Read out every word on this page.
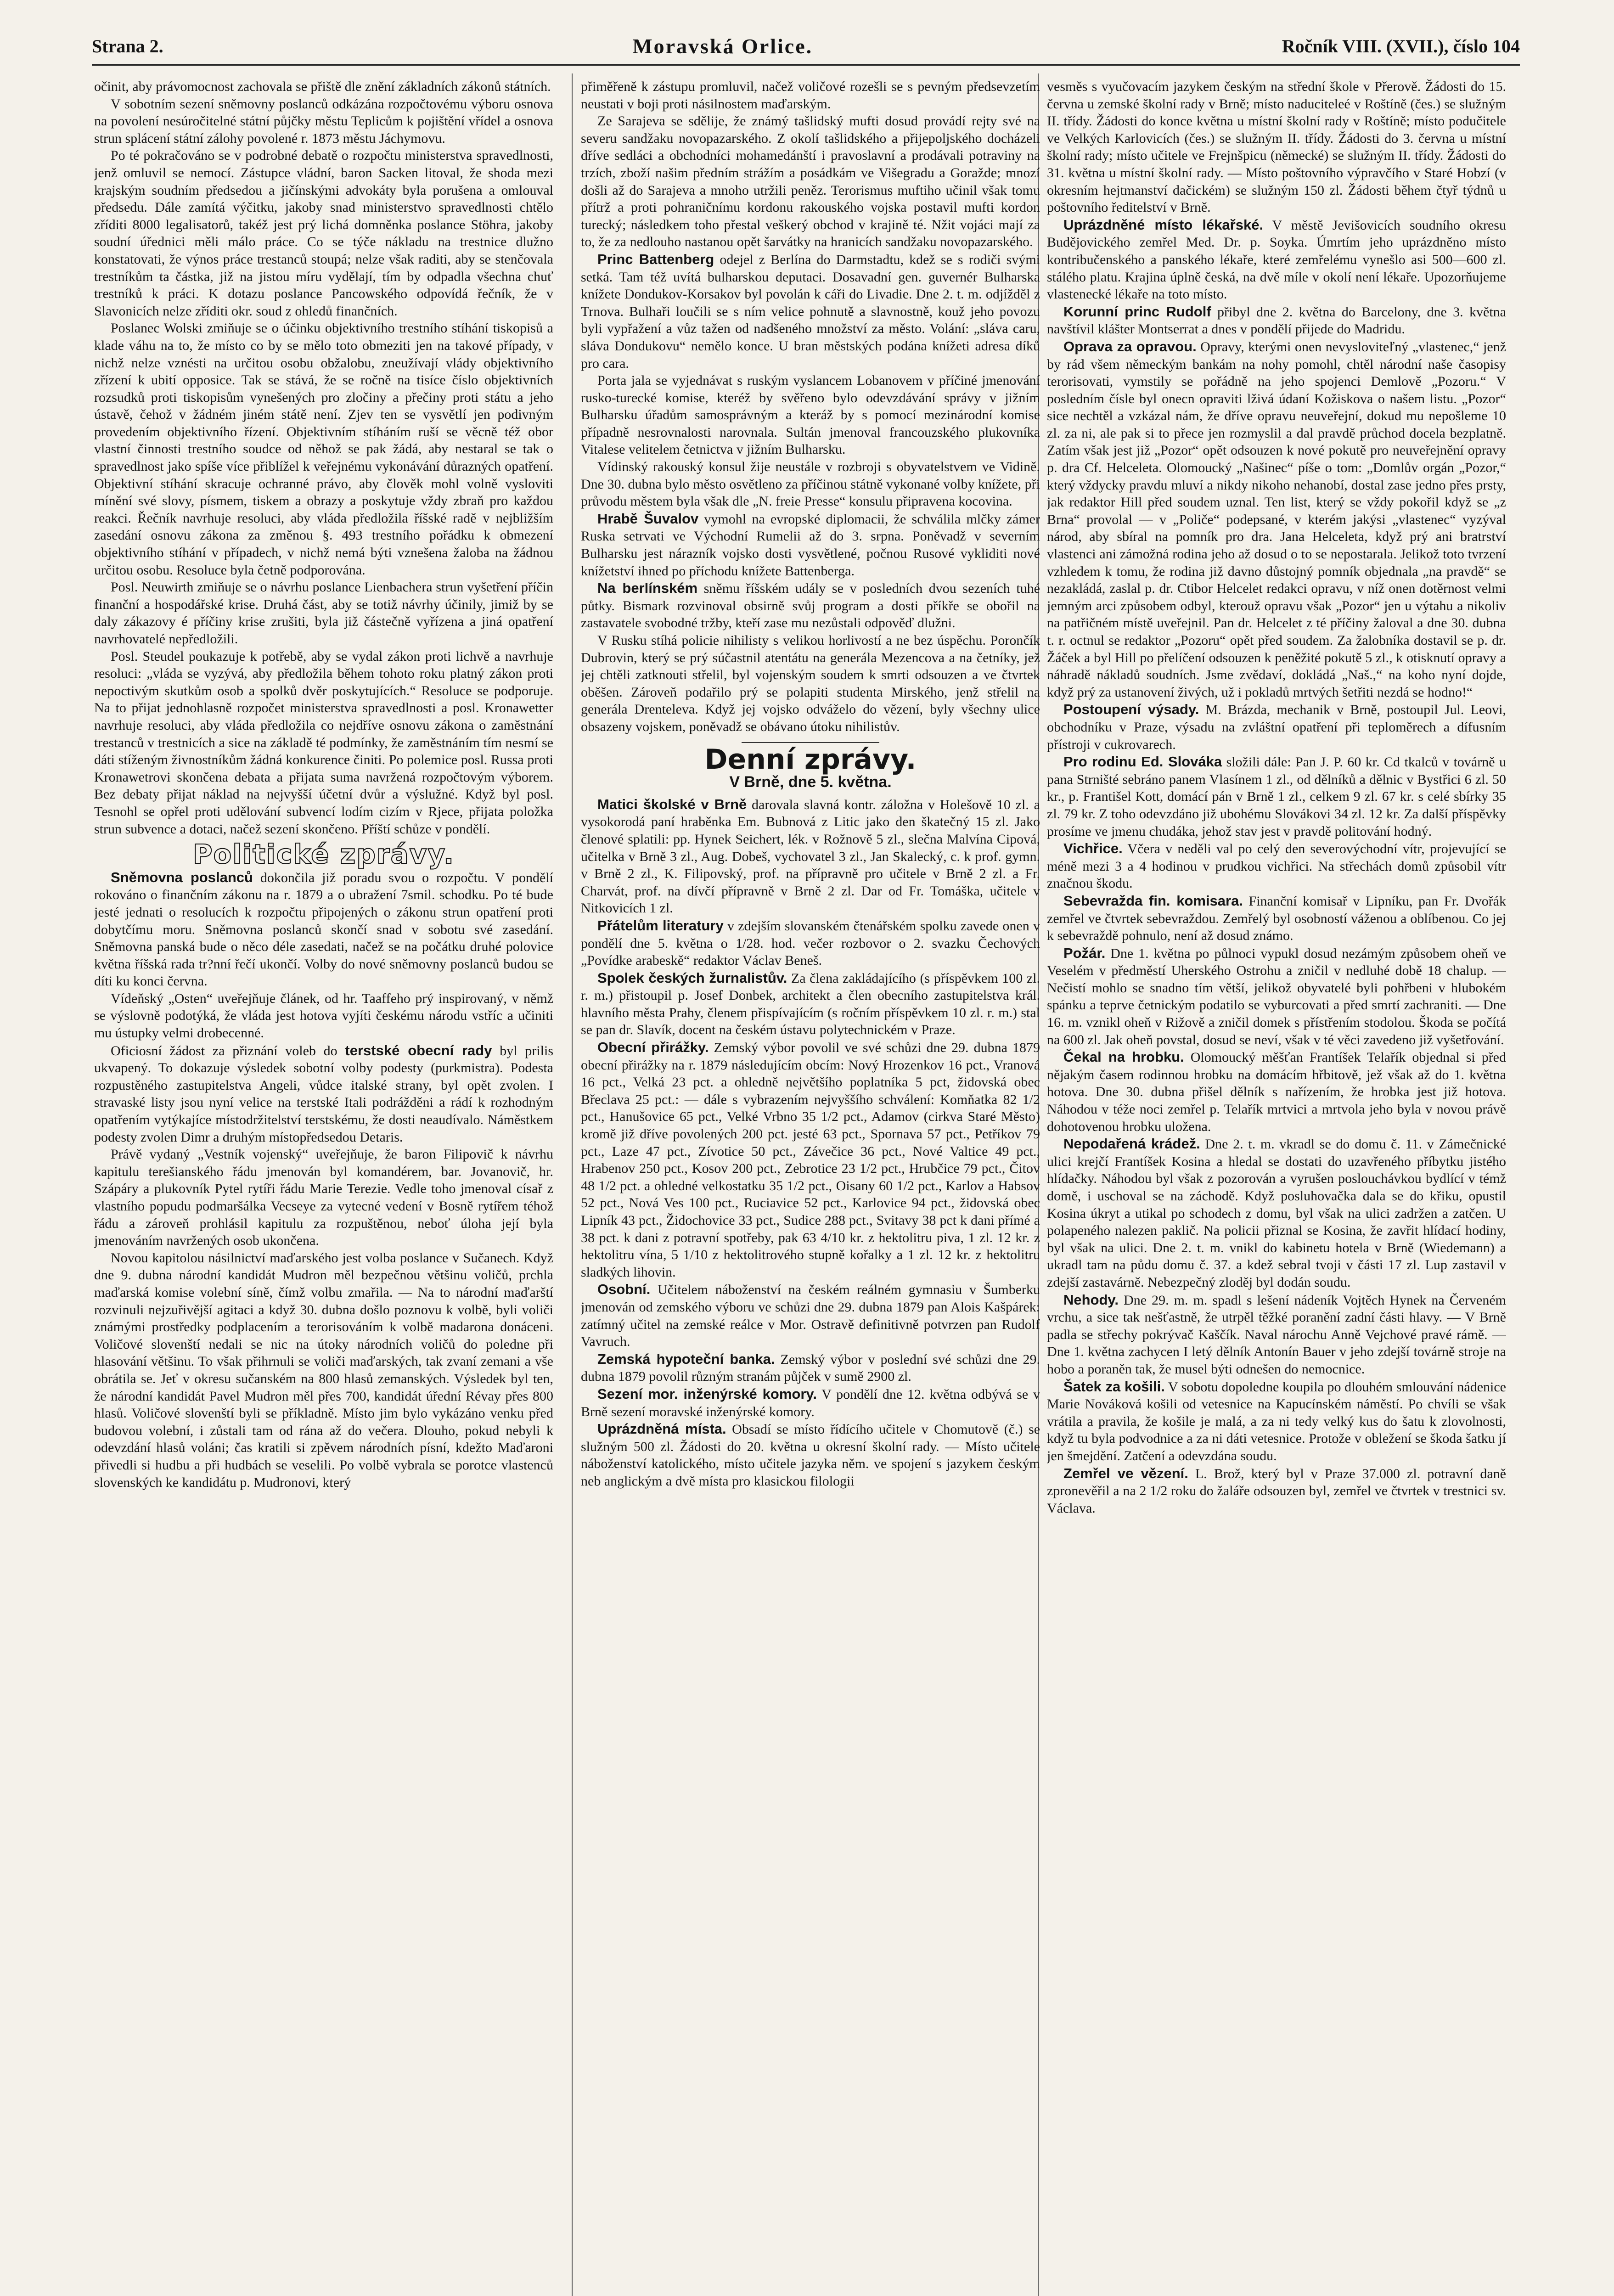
Strana 2.	Moravská Orlice.	Ročník VIII. (XVII.), číslo 104

očinit, aby právomocnost zachovala se přiště dle znění základních zákonů státních.

V sobotním sezení sněmovny poslanců odkázána rozpočtovému výboru osnova na povolení nesúročitelné státní půjčky městu Teplicům k pojištění vřídel a osnova strun splácení státní zálohy povolené r. 1873 městu Jáchymovu.

Po té pokračováno se v podrobné debatě o rozpočtu ministerstva spravedlnosti, jenž omluvil se nemocí. Zástupce vládní, baron Sacken litoval, že shoda mezi krajským soudním předsedou a jičínskými advokáty byla porušena a omlouval předsedu. Dále zamítá výčitku, jakoby snad ministerstvo spravedlnosti chtělo zříditi 8000 legalisatorů, takéž jest prý lichá domněnka poslance Stöhra, jakoby soudní úřednici měli málo práce. Co se týče nákladu na trestnice dlužno konstatovati, že výnos práce trestanců stoupá; nelze však raditi, aby se stenčovala trestníkům ta částka, již na jistou míru vydělají, tím by odpadla všechna chuť trestníků k práci. K dotazu poslance Pancowského odpovídá řečník, že v Slavonicích nelze zříditi okr. soud z ohledů finančních.

Poslanec Wolski zmiňuje se o účinku objektivního trestního stíhání tiskopisů a klade váhu na to, že místo co by se mělo toto obmeziti jen na takové případy, v nichž nelze vznésti na určitou osobu obžalobu, zneužívají vlády objektivního zřízení k ubití opposice. Tak se stává, že se ročně na tisíce číslo objektivních rozsudků proti tiskopisům vynešených pro zločiny a přečiny proti státu a jeho ústavě, čehož v žádném jiném státě není. Zjev ten se vysvětlí jen podivným provedením objektivního řízení. Objektivním stíháním ruší se věcně též obor vlastní činnosti trestního soudce od něhož se pak žádá, aby nestaral se tak o spravedlnost jako spíše více přiblížel k veřejnému vykonávání důrazných opatření. Objektivní stíhání skracuje ochranné právo, aby člověk mohl volně vysloviti mínění své slovy, písmem, tiskem a obrazy a poskytuje vždy zbraň pro každou reakci. Řečník navrhuje resoluci, aby vláda předložila říšské radě v nejbližším zasedání osnovu zákona za změnou §. 493 trestního pořádku k obmezení objektivního stíhání v případech, v nichž nemá býti vznešena žaloba na žádnou určitou osobu. Resoluce byla četně podporována.

Posl. Neuwirth zmiňuje se o návrhu poslance Lienbachera strun vyšetření příčin finanční a hospodářské krise. Druhá část, aby se totiž návrhy účinily, jimiž by se daly zákazovy é příčiny krise zrušiti, byla již částečně vyřízena a jiná opatření navrhovatelé nepředložili.

Posl. Steudel poukazuje k potřebě, aby se vydal zákon proti lichvě a navrhuje resoluci: „vláda se vyzývá, aby předložila během tohoto roku platný zákon proti nepoctivým skutkům osob a spolků dvěr poskytujících.“ Resoluce se podporuje. Na to přijat jednohlasně rozpočet ministerstva spravedlnosti a posl. Kronawetter navrhuje resoluci, aby vláda předložila co nejdříve osnovu zákona o zaměstnání trestanců v trestnicích a sice na základě té podmínky, že zaměstnáním tím nesmí se dáti stíženým živnostníkům žádná konkurence činiti. Po polemice posl. Russa proti Kronawetrovi skončena debata a přijata suma navržená rozpočtovým výborem. Bez debaty přijat náklad na nejvyšší účetní dvůr a výslužné. Když byl posl. Tesnohl se opřel proti udělování subvencí lodím cizím v Rjece, přijata položka strun subvence a dotaci, načež sezení skončeno. Příští schůze v pondělí.

Politické zprávy.

Sněmovna poslanců dokončila již poradu svou o rozpočtu. V pondělí rokováno o finančním zákonu na r. 1879 a o ubražení 7smil. schodku. Po té bude jesté jednati o resolucích k rozpočtu připojených o zákonu strun opatření proti dobytčímu moru. Sněmovna poslanců skončí snad v sobotu své zasedání. Sněmovna panská bude o něco déle zasedati, načež se na počátku druhé polovice května říšská rada tr?nní řečí ukončí. Volby do nové sněmovny poslanců budou se díti ku konci června.

Vídeňský „Osten“ uveřejňuje článek, od hr. Taaffeho prý inspirovaný, v němž se výslovně podotýká, že vláda jest hotova vyjíti českému národu vstříc a učiniti mu ústupky velmi drobecenné.

Oficiosní žádost za přiznání voleb do terstské obecní rady byl prilis ukvapený. To dokazuje výsledek sobotní volby podesty (purkmistra). Podesta rozpustěného zastupitelstva Angeli, vůdce italské strany, byl opět zvolen. I stravaské listy jsou nyní velice na terstské Itali podrážděni a rádí k rozhodným opatřením vytýkajíce místodržitelství terstskému, že dosti neaudívalo. Náměstkem podesty zvolen Dimr a druhým místopředsedou Detaris.

Právě vydaný „Vestník vojenský“ uveřejňuje, že baron Filipovič k návrhu kapitulu terešianského řádu jmenován byl komandérem, bar. Jovanovič, hr. Szápáry a plukovník Pytel rytíři řádu Marie Terezie. Vedle toho jmenoval císař z vlastního popudu podmaršálka Vecseye za vytecné vedení v Bosně rytířem téhož řádu a zároveň prohlásil kapitulu za rozpuštěnou, neboť úloha její byla jmenováním navržených osob ukončena.

Novou kapitolou násilnictví maďarského jest volba poslance v Sučanech. Když dne 9. dubna národní kandidát Mudron měl bezpečnou většinu voličů, prchla maďarská komise volební síně, čímž volbu zmařila. — Na to národní maďarští rozvinuli nejzuřivější agitaci a když 30. dubna došlo poznovu k volbě, byli voliči známými prostředky podplacením a terorisováním k volbě madarona donáceni. Voličové slovenští nedali se nic na útoky národních voličů do poledne při hlasování většinu. To však přihrnuli se voliči maďarských, tak zvaní zemani a vše obrátila se. Jeť v okresu sučanském na 800 hlasů zemanských. Výsledek byl ten, že národní kandidát Pavel Mudron měl přes 700, kandidát úřední Révay přes 800 hlasů. Voličové slovenští byli se příkladně. Místo jim bylo vykázáno venku před budovou volební, i zůstali tam od rána až do večera. Dlouho, pokud nebyli k odevzdání hlasů voláni; čas kratili si zpěvem národních písní, kdežto Maďaroni přivedli si hudbu a při hudbách se veselili. Po volbě vybrala se porotce vlastenců slovenských ke kandidátu p. Mudronovi, který

přiměřeně k zástupu promluvil, načež voličové rozešli se s pevným předsevzetím neustati v boji proti násilnostem maďarským.

Ze Sarajeva se sdělije, že známý tašlidský mufti dosud provádí rejty své na severu sandžaku novopazarského. Z okolí tašlidského a přijepoljského docházeli dříve sedláci a obchodníci mohamedánští i pravoslavní a prodávali potraviny na trzích, zboží našim předním strážím a posádkám ve Višegradu a Goražde; mnozí došli až do Sarajeva a mnoho utržili peněz. Terorismus muftiho učinil však tomu přítrž a proti pohraničnímu kordonu rakouského vojska postavil mufti kordon turecký; následkem toho přestal veškerý obchod v krajině té. Nžit vojáci mají za to, že za nedlouho nastanou opět šarvátky na hranicích sandžaku novopazarského.

Princ Battenberg odejel z Berlína do Darmstadtu, kdež se s rodiči svými setká. Tam též uvítá bulharskou deputaci. Dosavadní gen. guvernér Bulharska knížete Dondukov-Korsakov byl povolán k cáři do Livadie. Dne 2. t. m. odjížděl z Trnova. Bulhaři loučili se s ním velice pohnutě a slavnostně, kouž jeho povozu byli vypřažení a vůz tažen od nadšeného množství za město. Volání: „sláva caru, sláva Dondukovu“ nemělo konce. U bran městských podána knížeti adresa díků pro cara.

Porta jala se vyjednávat s ruským vyslancem Lobanovem v příčiné jmenování rusko-turecké komise, kteréž by svěřeno bylo odevzdávání správy v jižním Bulharsku úřadům samosprávným a kteráž by s pomocí mezinárodní komise případně nesrovnalosti narovnala. Sultán jmenoval francouzského plukovníka Vitalese velitelem četnictva v jižním Bulharsku.

Vídinský rakouský konsul žije neustále v rozbroji s obyvatelstvem ve Vidině. Dne 30. dubna bylo město osvětleno za příčinou státně vykonané volby knížete, při průvodu městem byla však dle „N. freie Presse“ konsulu připravena kocovina.

Hrabě Šuvalov vymohl na evropské diplomacii, že schválila mlčky zámer Ruska setrvati ve Východní Rumelii až do 3. srpna. Poněvadž v severním Bulharsku jest nárazník vojsko dosti vysvětlené, počnou Rusové vykliditi nové knížetství ihned po příchodu knížete Battenberga.

Na berlínském sněmu říšském udály se v posledních dvou sezeních tuhé půtky. Bismark rozvinoval obsirně svůj program a dosti příkře se obořil na zastavatele svobodné tržby, kteří zase mu nezůstali odpověď dlužni.

V Rusku stíhá policie nihilisty s velikou horlivostí a ne bez úspěchu. Porončík Dubrovin, který se prý súčastnil atentátu na generála Mezencova a na četníky, jež jej chtěli zatknouti střelil, byl vojenským soudem k smrti odsouzen a ve čtvrtek oběšen. Zároveň podařilo prý se polapiti studenta Mirského, jenž střelil na generála Drenteleva. Když jej vojsko odváželo do vězení, byly všechny ulice obsazeny vojskem, poněvadž se obávano útoku nihilistův.

Denní zprávy.
V Brně, dne 5. května.

Matici školské v Brně darovala slavná kontr. záložna v Holešově 10 zl. a vysokorodá paní hraběnka Em. Bubnová z Litic jako den škatečný 15 zl. Jako členové splatili: pp. Hynek Seichert, lék. v Rožnově 5 zl., slečna Malvína Cipová, učitelka v Brně 3 zl., Aug. Dobeš, vychovatel 3 zl., Jan Skalecký, c. k prof. gymn. v Brně 2 zl., K. Filipovský, prof. na přípravně pro učitele v Brně 2 zl. a Fr. Charvát, prof. na dívčí přípravně v Brně 2 zl. Dar od Fr. Tomáška, učitele v Nitkovicích 1 zl.

Přátelům literatury v zdejším slovanském čtenářském spolku zavede onen v pondělí dne 5. května o 1/28. hod. večer rozbovor o 2. svazku Čechových „Povídke arabeskě“ redaktor Václav Beneš.

Spolek českých žurnalistův. Za člena zakládajícího (s příspěvkem 100 zl. r. m.) přistoupil p. Josef Donbek, architekt a člen obecního zastupitelstva král. hlavního města Prahy, členem přispívajícím (s ročním příspěvkem 10 zl. r. m.) stal se pan dr. Slavík, docent na českém ústavu polytechnickém v Praze.

Obecní přirážky. Zemský výbor povolil ve své schůzi dne 29. dubna 1879 obecní přirážky na r. 1879 následujícím obcím: Nový Hrozenkov 16 pct., Vranová 16 pct., Velká 23 pct. a ohledně největšího poplatníka 5 pct, židovská obec Břeclava 25 pct.: — dále s vybrazením nejvyššího schválení: Komňatka 82 1/2 pct., Hanušovice 65 pct., Velké Vrbno 35 1/2 pct., Adamov (cirkva Staré Město) kromě již dříve povolených 200 pct. jesté 63 pct., Spornava 57 pct., Petříkov 79 pct., Laze 47 pct., Zívotice 50 pct., Závečice 36 pct., Nové Valtice 49 pct., Hrabenov 250 pct., Kosov 200 pct., Zebrotice 23 1/2 pct., Hrubčice 79 pct., Čitov 48 1/2 pct. a ohledné velkostatku 35 1/2 pct., Oisany 60 1/2 pct., Karlov a Habsov 52 pct., Nová Ves 100 pct., Ruciavice 52 pct., Karlovice 94 pct., židovská obec Lipník 43 pct., Židochovice 33 pct., Sudice 288 pct., Svitavy 38 pct k dani přímé a 38 pct. k dani z potravní spotřeby, pak 63 4/10 kr. z hektolitru piva, 1 zl. 12 kr. z hektolitru vína, 5 1/10 z hektolitrového stupně kořalky a 1 zl. 12 kr. z hektolitru sladkých lihovin.

Osobní. Učitelem náboženství na českém reálném gymnasiu v Šumberku jmenován od zemského výboru ve schůzi dne 29. dubna 1879 pan Alois Kašpárek: zatímný učitel na zemské reálce v Mor. Ostravě definitivně potvrzen pan Rudolf Vavruch.

Zemská hypoteční banka. Zemský výbor v poslední své schůzi dne 29. dubna 1879 povolil různým stranám půjček v sumě 2900 zl.

Sezení mor. inženýrské komory. V pondělí dne 12. května odbývá se v Brně sezení moravské inženýrské komory.

Uprázdněná místa. Obsadí se místo řídícího učitele v Chomutově (č.) se služným 500 zl. Žádosti do 20. května u okresní školní rady. — Místo učitele náboženství katolického, místo učitele jazyka něm. ve spojení s jazykem českým neb anglickým a dvě místa pro klasickou filologii

vesměs s vyučovacím jazykem českým na střední škole v Přerově. Žádosti do 15. června u zemské školní rady v Brně; místo naduciteleé v Roštíně (čes.) se služným II. třídy. Žádosti do konce května u místní školní rady v Roštíně; místo podučitele ve Velkých Karlovicích (čes.) se služným II. třídy. Žádosti do 3. června u místní školní rady; místo učitele ve Frejnšpicu (německé) se služným II. třídy. Žádosti do 31. května u místní školní rady. — Místo poštovního výpravčího v Staré Hobzí (v okresním hejtmanství dačickém) se služným 150 zl. Žádosti během čtyř týdnů u poštovního ředitelství v Brně.

Uprázdněné místo lékařské. V městě Jevišovicích soudního okresu Budějovického zemřel Med. Dr. p. Soyka. Úmrtím jeho uprázdněno místo kontribučenského a panského lékaře, které zemřelému vynešlo asi 500—600 zl. stálého platu. Krajina úplně česká, na dvě míle v okolí není lékaře. Upozorňujeme vlastenecké lékaře na toto místo.

Korunní princ Rudolf přibyl dne 2. května do Barcelony, dne 3. května navštívil klášter Montserrat a dnes v pondělí přijede do Madridu.

Oprava za opravou. Opravy, kterými onen nevysloviteľný „vlastenec,“ jenž by rád všem německým bankám na nohy pomohl, chtěl národní naše časopisy terorisovati, vymstily se pořádně na jeho spojenci Demlově „Pozoru.“ V posledním čísle byl onecn opraviti lživá údaní Kožiskova o našem listu. „Pozor“ sice nechtěl a vzkázal nám, že dříve opravu neuveřejní, dokud mu nepošleme 10 zl. za ni, ale pak si to přece jen rozmyslil a dal pravdě průchod docela bezplatně. Zatím však jest již „Pozor“ opět odsouzen k nové pokutě pro neuveřejnění opravy p. dra Cf. Helceleta. Olomoucký „Našinec“ píše o tom: „Domlův orgán „Pozor,“ který vždycky pravdu mluví a nikdy nikoho nehanobí, dostal zase jedno přes prsty, jak redaktor Hill před soudem uznal. Ten list, který se vždy pokořil když se „z Brna“ provolal — v „Poliče“ podepsané, v kterém jakýsi „vlastenec“ vyzýval národ, aby sbíral na pomník pro dra. Jana Helceleta, když prý ani bratrství vlastenci ani zámožná rodina jeho až dosud o to se nepostarala. Jelikož toto tvrzení vzhledem k tomu, že rodina již davno důstojný pomník objednala „na pravdě“ se nezakládá, zaslal p. dr. Ctibor Helcelet redakci opravu, v níž onen dotěrnost velmi jemným arci způsobem odbyl, kterouž opravu však „Pozor“ jen u výtahu a nikoliv na patřičném místě uveřejnil. Pan dr. Helcelet z té příčiny žaloval a dne 30. dubna t. r. octnul se redaktor „Pozoru“ opět před soudem. Za žalobníka dostavil se p. dr. Žáček a byl Hill po přelíčení odsouzen k peněžité pokutě 5 zl., k otisknutí opravy a náhradě nákladů soudních. Jsme zvědaví, dokládá „Naš.,“ na koho nyní dojde, když prý za ustanovení živých, už i pokladů mrtvých šetřiti nezdá se hodno!“

Postoupení výsady. M. Brázda, mechanik v Brně, postoupil Jul. Leovi, obchodníku v Praze, výsadu na zvláštní opatření při teploměrech a dífusním přístroji v cukrovarech.

Pro rodinu Ed. Slováka složili dále: Pan J. P. 60 kr. Cd tkalců v továrně u pana Strništé sebráno panem Vlasínem 1 zl., od dělníků a dělnic v Bystřici 6 zl. 50 kr., p. Františel Kott, domácí pán v Brně 1 zl., celkem 9 zl. 67 kr. s celé sbírky 35 zl. 79 kr. Z toho odevzdáno již ubohému Slovákovi 34 zl. 12 kr. Za další příspěvky prosíme ve jmenu chudáka, jehož stav jest v pravdě politování hodný.

Vichřice. Včera v neděli val po celý den severovýchodní vítr, projevující se méně mezi 3 a 4 hodinou v prudkou vichřici. Na střechách domů způsobil vítr značnou škodu.

Sebevražda fin. komisara. Finanční komisař v Lipníku, pan Fr. Dvořák zemřel ve čtvrtek sebevraždou. Zemřelý byl osobností váženou a oblíbenou. Co jej k sebevraždě pohnulo, není až dosud známo.

Požár. Dne 1. května po půlnoci vypukl dosud nezámým způsobem oheň ve Veselém v předměstí Uherského Ostrohu a zničil v nedluhé době 18 chalup. — Nečistí mohlo se snadno tím větší, jelikož obyvatelé byli pohřbeni v hlubokém spánku a teprve četnickým podatilo se vyburcovati a před smrtí zachraniti. — Dne 16. m. vznikl oheň v Rižově a zničil domek s přístřením stodolou. Škoda se počítá na 600 zl. Jak oheň povstal, dosud se neví, však v té věci zavedeno již vyšetřování.

Čekal na hrobku. Olomoucký měšťan Frantíšek Telařík objednal si před nějakým časem rodinnou hrobku na domácím hřbitově, jež však až do 1. května hotova. Dne 30. dubna přišel dělník s nařízením, že hrobka jest již hotova. Náhodou v téže noci zemřel p. Telařík mrtvici a mrtvola jeho byla v novou právě dohotovenou hrobku uložena.

Nepodařená krádež. Dne 2. t. m. vkradl se do domu č. 11. v Zámečnické ulici krejčí Frantíšek Kosina a hledal se dostati do uzavřeného příbytku jistého hlídačky. Náhodou byl však z pozorován a vyrušen poslouchávkou bydlící v témž domě, i uschoval se na záchodě. Když posluhovačka dala se do křiku, opustil Kosina úkryt a utikal po schodech z domu, byl však na ulici zadržen a zatčen. U polapeného nalezen paklič. Na policii přiznal se Kosina, že zavřit hlídací hodiny, byl však na ulici. Dne 2. t. m. vnikl do kabinetu hotela v Brně (Wiedemann) a ukradl tam na půdu domu č. 37. a kdež sebral tvoji v části 17 zl. Lup zastavil v zdejší zastavárně. Nebezpečný zloděj byl dodán soudu.

Nehody. Dne 29. m. m. spadl s lešení nádeník Vojtěch Hynek na Červeném vrchu, a sice tak nešťastně, že utrpěl těžké poranění zadní části hlavy. — V Brně padla se střechy pokrývač Kaščík. Naval nárochu Anně Vejchové pravé rámě. — Dne 1. května zachycen I letý dělník Antonín Bauer v jeho zdejší továrně stroje na hobo a poraněn tak, že musel býti odnešen do nemocnice.

Šatek za košili. V sobotu dopoledne koupila po dlouhém smlouvání nádenice Marie Nováková košili od vetesnice na Kapucínském náměstí. Po chvíli se však vrátila a pravila, že košile je malá, a za ni tedy velký kus do šatu k zlovolnosti, když tu byla podvodnice a za ni dáti vetesnice. Protože v obležení se škoda šatku jí jen šmejdění. Zatčení a odevzdána soudu.

Zemřel ve vězení. L. Brož, který byl v Praze 37.000 zl. potravní daně zpronevěřil a na 2 1/2 roku do žaláře odsouzen byl, zemřel ve čtvrtek v trestnici sv. Václava.
